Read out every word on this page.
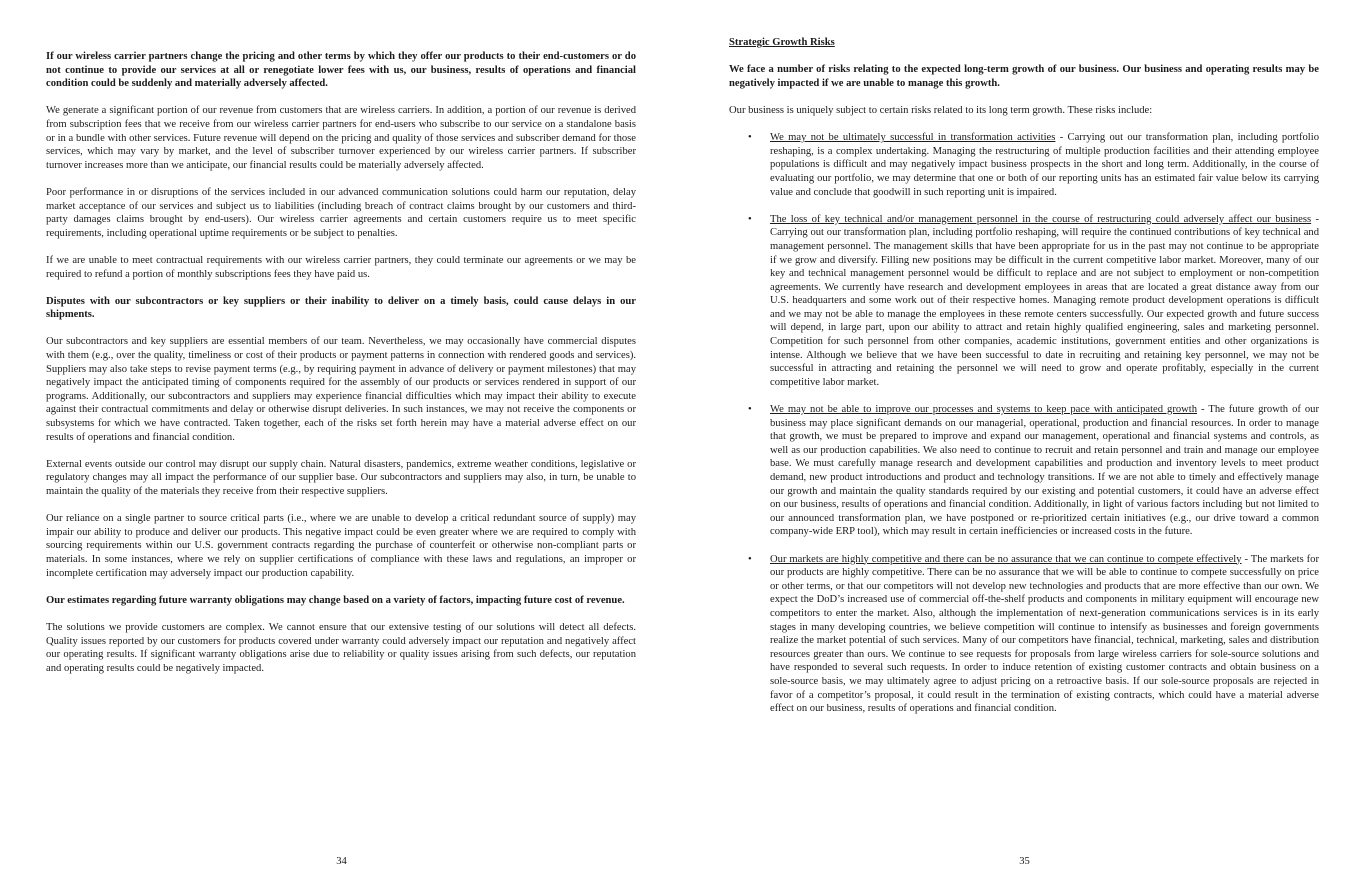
If our wireless carrier partners change the pricing and other terms by which they offer our products to their end-customers or do not continue to provide our services at all or renegotiate lower fees with us, our business, results of operations and financial condition could be suddenly and materially adversely affected.

We generate a significant portion of our revenue from customers that are wireless carriers. In addition, a portion of our revenue is derived from subscription fees that we receive from our wireless carrier partners for end-users who subscribe to our service on a standalone basis or in a bundle with other services. Future revenue will depend on the pricing and quality of those services and subscriber demand for those services, which may vary by market, and the level of subscriber turnover experienced by our wireless carrier partners. If subscriber turnover increases more than we anticipate, our financial results could be materially adversely affected.

Poor performance in or disruptions of the services included in our advanced communication solutions could harm our reputation, delay market acceptance of our services and subject us to liabilities (including breach of contract claims brought by our customers and third-party damages claims brought by end-users). Our wireless carrier agreements and certain customers require us to meet specific requirements, including operational uptime requirements or be subject to penalties.

If we are unable to meet contractual requirements with our wireless carrier partners, they could terminate our agreements or we may be required to refund a portion of monthly subscriptions fees they have paid us.

Disputes with our subcontractors or key suppliers or their inability to deliver on a timely basis, could cause delays in our shipments.

Our subcontractors and key suppliers are essential members of our team. Nevertheless, we may occasionally have commercial disputes with them (e.g., over the quality, timeliness or cost of their products or payment patterns in connection with rendered goods and services). Suppliers may also take steps to revise payment terms (e.g., by requiring payment in advance of delivery or payment milestones) that may negatively impact the anticipated timing of components required for the assembly of our products or services rendered in support of our programs. Additionally, our subcontractors and suppliers may experience financial difficulties which may impact their ability to execute against their contractual commitments and delay or otherwise disrupt deliveries. In such instances, we may not receive the components or subsystems for which we have contracted. Taken together, each of the risks set forth herein may have a material adverse effect on our results of operations and financial condition.

External events outside our control may disrupt our supply chain. Natural disasters, pandemics, extreme weather conditions, legislative or regulatory changes may all impact the performance of our supplier base. Our subcontractors and suppliers may also, in turn, be unable to maintain the quality of the materials they receive from their respective suppliers.

Our reliance on a single partner to source critical parts (i.e., where we are unable to develop a critical redundant source of supply) may impair our ability to produce and deliver our products. This negative impact could be even greater where we are required to comply with sourcing requirements within our U.S. government contracts regarding the purchase of counterfeit or otherwise non-compliant parts or materials. In some instances, where we rely on supplier certifications of compliance with these laws and regulations, an improper or incomplete certification may adversely impact our production capability.

Our estimates regarding future warranty obligations may change based on a variety of factors, impacting future cost of revenue.

The solutions we provide customers are complex. We cannot ensure that our extensive testing of our solutions will detect all defects. Quality issues reported by our customers for products covered under warranty could adversely impact our reputation and negatively affect our operating results. If significant warranty obligations arise due to reliability or quality issues arising from such defects, our reputation and operating results could be negatively impacted.

34
Strategic Growth Risks

We face a number of risks relating to the expected long-term growth of our business. Our business and operating results may be negatively impacted if we are unable to manage this growth.

Our business is uniquely subject to certain risks related to its long term growth. These risks include:

• We may not be ultimately successful in transformation activities - Carrying out our transformation plan, including portfolio reshaping, is a complex undertaking. Managing the restructuring of multiple production facilities and their attending employee populations is difficult and may negatively impact business prospects in the short and long term. Additionally, in the course of evaluating our portfolio, we may determine that one or both of our reporting units has an estimated fair value below its carrying value and conclude that goodwill in such reporting unit is impaired.
• The loss of key technical and/or management personnel in the course of restructuring could adversely affect our business - Carrying out our transformation plan, including portfolio reshaping, will require the continued contributions of key technical and management personnel. The management skills that have been appropriate for us in the past may not continue to be appropriate if we grow and diversify. Filling new positions may be difficult in the current competitive labor market. Moreover, many of our key and technical management personnel would be difficult to replace and are not subject to employment or non-competition agreements. We currently have research and development employees in areas that are located a great distance away from our U.S. headquarters and some work out of their respective homes. Managing remote product development operations is difficult and we may not be able to manage the employees in these remote centers successfully. Our expected growth and future success will depend, in large part, upon our ability to attract and retain highly qualified engineering, sales and marketing personnel. Competition for such personnel from other companies, academic institutions, government entities and other organizations is intense. Although we believe that we have been successful to date in recruiting and retaining key personnel, we may not be successful in attracting and retaining the personnel we will need to grow and operate profitably, especially in the current competitive labor market.
• We may not be able to improve our processes and systems to keep pace with anticipated growth - The future growth of our business may place significant demands on our managerial, operational, production and financial resources. In order to manage that growth, we must be prepared to improve and expand our management, operational and financial systems and controls, as well as our production capabilities. We also need to continue to recruit and retain personnel and train and manage our employee base. We must carefully manage research and development capabilities and production and inventory levels to meet product demand, new product introductions and product and technology transitions. If we are not able to timely and effectively manage our growth and maintain the quality standards required by our existing and potential customers, it could have an adverse effect on our business, results of operations and financial condition. Additionally, in light of various factors including but not limited to our announced transformation plan, we have postponed or re-prioritized certain initiatives (e.g., our drive toward a common company-wide ERP tool), which may result in certain inefficiencies or increased costs in the future.
• Our markets are highly competitive and there can be no assurance that we can continue to compete effectively - The markets for our products are highly competitive. There can be no assurance that we will be able to continue to compete successfully on price or other terms, or that our competitors will not develop new technologies and products that are more effective than our own. We expect the DoD’s increased use of commercial off-the-shelf products and components in military equipment will encourage new competitors to enter the market. Also, although the implementation of next-generation communications services is in its early stages in many developing countries, we believe competition will continue to intensify as businesses and foreign governments realize the market potential of such services. Many of our competitors have financial, technical, marketing, sales and distribution resources greater than ours. We continue to see requests for proposals from large wireless carriers for sole-source solutions and have responded to several such requests. In order to induce retention of existing customer contracts and obtain business on a sole-source basis, we may ultimately agree to adjust pricing on a retroactive basis. If our sole-source proposals are rejected in favor of a competitor’s proposal, it could result in the termination of existing contracts, which could have a material adverse effect on our business, results of operations and financial condition.
35
